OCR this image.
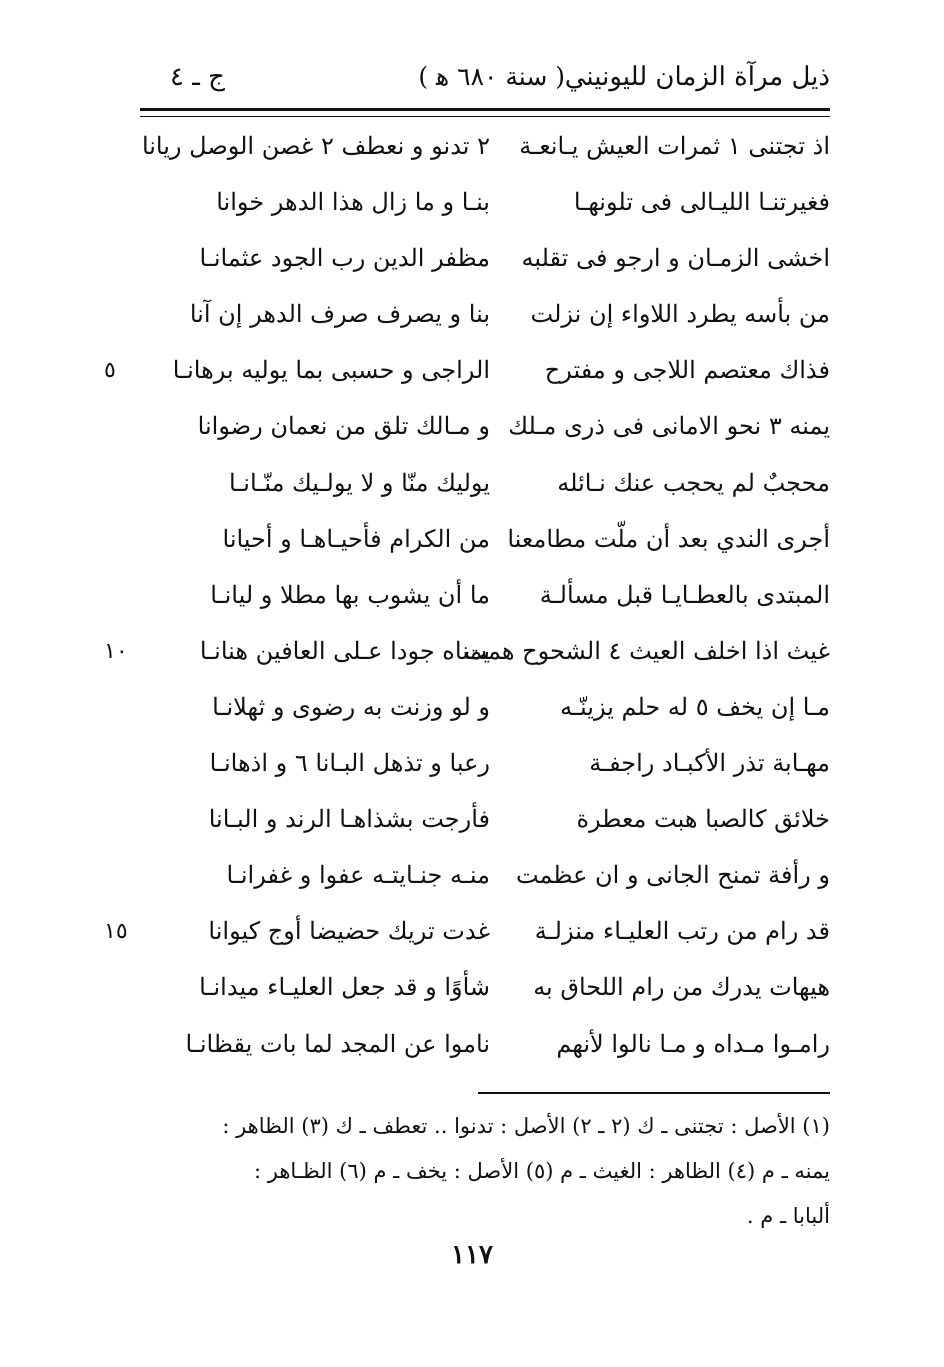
ذيل مرآة الزمان لليونيني
( سنة ٦٨٠ ﻫ )
ج ـ ٤
اذ تجتنى ١ ثمرات العيش يـانعـة
٢ تدنو و نعطف ٢ غصن الوصل ريانا
فغيرتنـا الليـالى فى تلونهـا
بنـا و ما زال هذا الدهر خوانا
اخشى الزمـان و ارجو فى تقلبه
مظفر الدين رب الجود عثمانـا
من بأسه يطرد اللاواء إن نزلت
بنا و يصرف صرف الدهر إن آنا
فذاك معتصم اللاجى و مفترح
الراجى و حسبى بما يوليه برهانـا
٥
يمنه ٣ نحو الامانى فى ذرى مـلك
و مـالك تلق من نعمان رضوانا
محجبٌ لم يحجب عنك نـائله
يوليك منّا و لا يولـيك منّـانـا
أجرى الندي بعد أن ملّت مطامعنا
من الكرام فأحيـاهـا و أحيانا
المبتدى بالعطـايـا قبل مسألـة
ما أن يشوب بها مطلا و ليانـا
غيث اذا اخلف العيث ٤ الشحوح همت
يمناه جودا عـلى العافين هنانـا
١٠
مـا إن يخف ٥ له حلم يزينّـه
و لو وزنت به رضوى و ثهلانـا
مهـابة تذر الأكبـاد راجفـة
رعبا و تذهل البـانا ٦ و اذهانـا
خلائق كالصبا هبت معطرة
فأرجت بشذاهـا الرند و البـانا
و رأفة تمنح الجانى و ان عظمت
منـه جنـايتـه عفوا و غفرانـا
قد رام من رتب العليـاء منزلـة
غدت تريك حضيضا أوج كيوانا
١٥
هيهات يدرك من رام اللحاق به
شأوًا و قد جعل العليـاء ميدانـا
رامـوا مـداه و مـا نالوا لأنهم
ناموا عن المجد لما بات يقظانـا
(١) الأصل : تجتنى ـ ك (٢ ـ ٢) الأصل : تدنوا .. تعطف ـ ك (٣) الظاهر :
يمنه ـ م (٤) الظاهر : الغيث ـ م (٥) الأصل : يخف ـ م (٦) الظـاهر :
ألبابا ـ م .
١١٧
